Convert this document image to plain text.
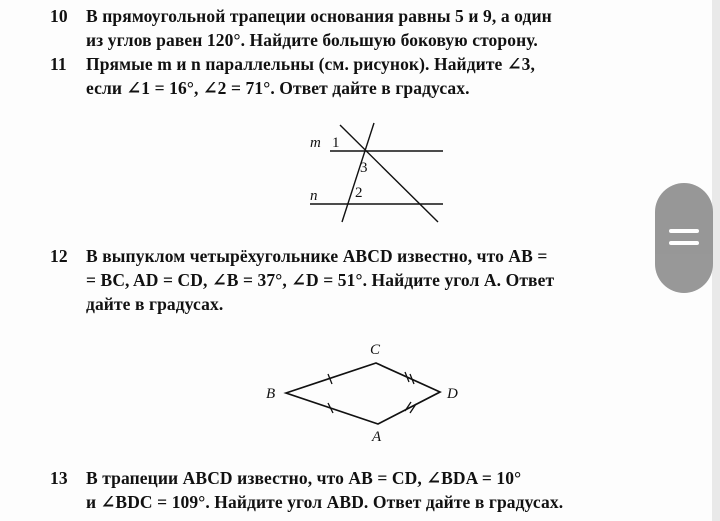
10	В прямоугольной трапеции основания равны 5 и 9, а один
из углов равен 120°. Найдите большую боковую сторону.
11	Прямые m и n параллельны (см. рисунок). Найдите ∠3,
если ∠1 = 16°, ∠2 = 71°. Ответ дайте в градусах.
m
n
1
3
2
12	В выпуклом четырёхугольнике ABCD известно, что AB =
= BC, AD = CD, ∠B = 37°, ∠D = 51°. Найдите угол A. Ответ
дайте в градусах.
B
C
D
A
13	В трапеции ABCD известно, что AB = CD, ∠BDA = 10°
и ∠BDC = 109°. Найдите угол ABD. Ответ дайте в градусах.
